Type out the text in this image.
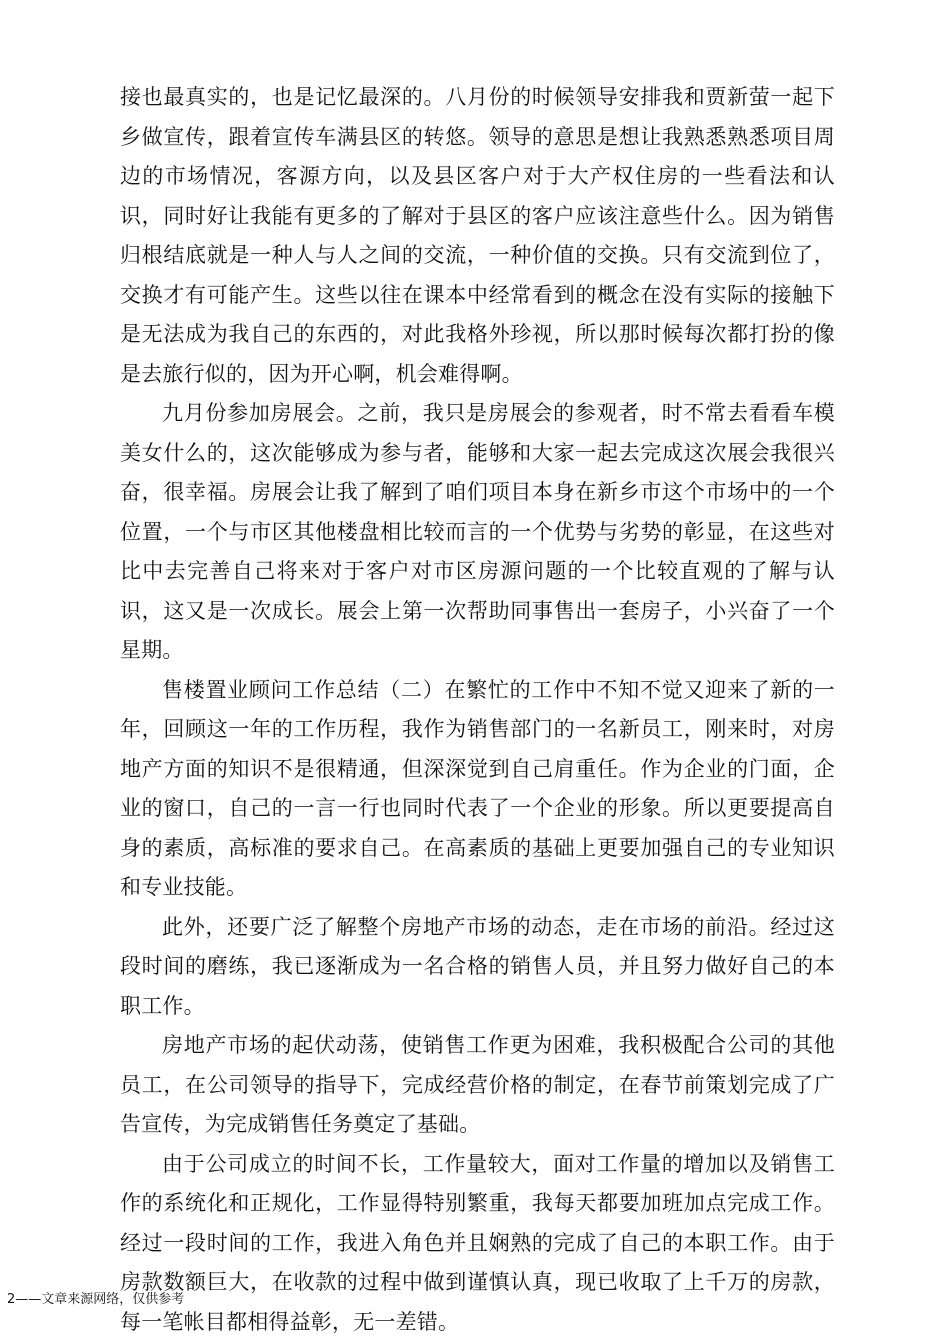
接也最真实的，也是记忆最深的。八月份的时候领导安排我和贾新萤一起下乡做宣传，跟着宣传车满县区的转悠。领导的意思是想让我熟悉熟悉项目周边的市场情况，客源方向，以及县区客户对于大产权住房的一些看法和认识，同时好让我能有更多的了解对于县区的客户应该注意些什么。因为销售归根结底就是一种人与人之间的交流，一种价值的交换。只有交流到位了，交换才有可能产生。这些以往在课本中经常看到的概念在没有实际的接触下是无法成为我自己的东西的，对此我格外珍视，所以那时候每次都打扮的像是去旅行似的，因为开心啊，机会难得啊。

九月份参加房展会。之前，我只是房展会的参观者，时不常去看看车模美女什么的，这次能够成为参与者，能够和大家一起去完成这次展会我很兴奋，很幸福。房展会让我了解到了咱们项目本身在新乡市这个市场中的一个位置，一个与市区其他楼盘相比较而言的一个优势与劣势的彰显，在这些对比中去完善自己将来对于客户对市区房源问题的一个比较直观的了解与认识，这又是一次成长。展会上第一次帮助同事售出一套房子，小兴奋了一个星期。

售楼置业顾问工作总结（二）在繁忙的工作中不知不觉又迎来了新的一年，回顾这一年的工作历程，我作为销售部门的一名新员工，刚来时，对房地产方面的知识不是很精通，但深深觉到自己肩重任。作为企业的门面，企业的窗口，自己的一言一行也同时代表了一个企业的形象。所以更要提高自身的素质，高标准的要求自己。在高素质的基础上更要加强自己的专业知识和专业技能。

此外，还要广泛了解整个房地产市场的动态，走在市场的前沿。经过这段时间的磨练，我已逐渐成为一名合格的销售人员，并且努力做好自己的本职工作。

房地产市场的起伏动荡，使销售工作更为困难，我积极配合公司的其他员工，在公司领导的指导下，完成经营价格的制定，在春节前策划完成了广告宣传，为完成销售任务奠定了基础。

由于公司成立的时间不长，工作量较大，面对工作量的增加以及销售工作的系统化和正规化，工作显得特别繁重，我每天都要加班加点完成工作。经过一段时间的工作，我进入角色并且娴熟的完成了自己的本职工作。由于房款数额巨大，在收款的过程中做到谨慎认真，现已收取了上千万的房款，每一笔帐目都相得益彰，无一差错。

2——文章来源网络，仅供参考
